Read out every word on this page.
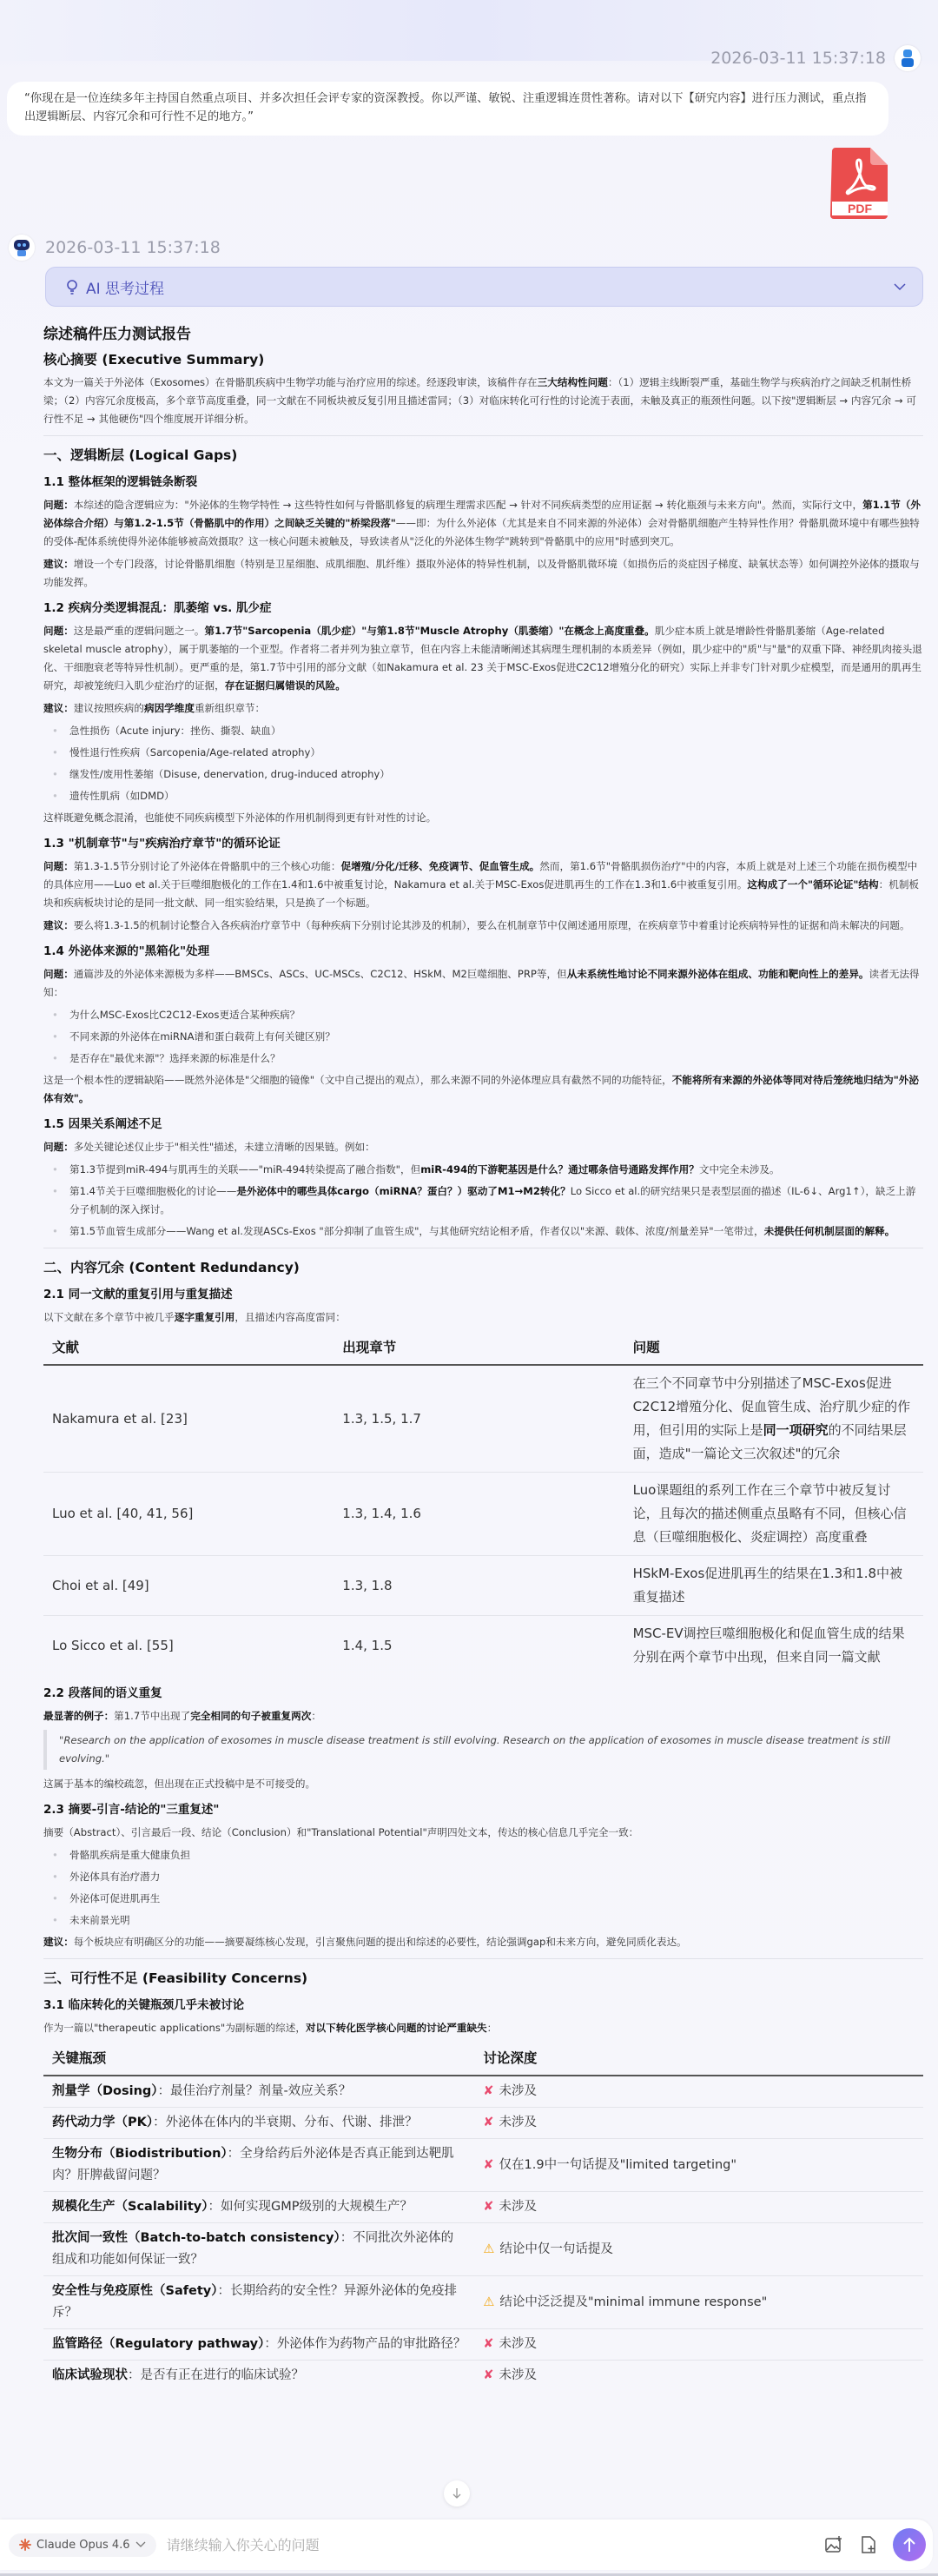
2026-03-11 15:37:18
“你现在是一位连续多年主持国自然重点项目、并多次担任会评专家的资深教授。你以严谨、敏锐、注重逻辑连贯性著称。请对以下【研究内容】进行压力测试，重点指出逻辑断层、内容冗余和可行性不足的地方。”
PDF
2026-03-11 15:37:18
AI 思考过程
综述稿件压力测试报告
核心摘要 (Executive Summary)

本文为一篇关于外泌体（Exosomes）在骨骼肌疾病中生物学功能与治疗应用的综述。经逐段审读，该稿件存在三大结构性问题：（1）逻辑主线断裂严重，基础生物学与疾病治疗之间缺乏机制性桥梁；（2）内容冗余度极高，多个章节高度重叠，同一文献在不同板块被反复引用且描述雷同；（3）对临床转化可行性的讨论流于表面，未触及真正的瓶颈性问题。以下按"逻辑断层 → 内容冗余 → 可行性不足 → 其他硬伤"四个维度展开详细分析。

一、逻辑断层 (Logical Gaps)
1.1 整体框架的逻辑链条断裂

问题：本综述的隐含逻辑应为："外泌体的生物学特性 → 这些特性如何与骨骼肌修复的病理生理需求匹配 → 针对不同疾病类型的应用证据 → 转化瓶颈与未来方向"。然而，实际行文中，第1.1节（外泌体综合介绍）与第1.2-1.5节（骨骼肌中的作用）之间缺乏关键的"桥梁段落"——即：为什么外泌体（尤其是来自不同来源的外泌体）会对骨骼肌细胞产生特异性作用？骨骼肌微环境中有哪些独特的受体-配体系统使得外泌体能够被高效摄取？这一核心问题未被触及，导致读者从"泛化的外泌体生物学"跳转到"骨骼肌中的应用"时感到突兀。

建议：增设一个专门段落，讨论骨骼肌细胞（特别是卫星细胞、成肌细胞、肌纤维）摄取外泌体的特异性机制，以及骨骼肌微环境（如损伤后的炎症因子梯度、缺氧状态等）如何调控外泌体的摄取与功能发挥。

1.2 疾病分类逻辑混乱：肌萎缩 vs. 肌少症

问题：这是最严重的逻辑问题之一。第1.7节"Sarcopenia（肌少症）"与第1.8节"Muscle Atrophy（肌萎缩）"在概念上高度重叠。肌少症本质上就是增龄性骨骼肌萎缩（Age-related skeletal muscle atrophy），属于肌萎缩的一个亚型。作者将二者并列为独立章节，但在内容上未能清晰阐述其病理生理机制的本质差异（例如，肌少症中的"质"与"量"的双重下降、神经肌肉接头退化、干细胞衰老等特异性机制）。更严重的是，第1.7节中引用的部分文献（如Nakamura et al. 23 关于MSC-Exos促进C2C12增殖分化的研究）实际上并非专门针对肌少症模型，而是通用的肌再生研究，却被笼统归入肌少症治疗的证据，存在证据归属错误的风险。

建议：建议按照疾病的病因学维度重新组织章节：

• 急性损伤（Acute injury：挫伤、撕裂、缺血）
• 慢性退行性疾病（Sarcopenia/Age-related atrophy）
• 继发性/废用性萎缩（Disuse, denervation, drug-induced atrophy）
• 遗传性肌病（如DMD）

这样既避免概念混淆，也能使不同疾病模型下外泌体的作用机制得到更有针对性的讨论。

1.3 "机制章节"与"疾病治疗章节"的循环论证

问题：第1.3-1.5节分别讨论了外泌体在骨骼肌中的三个核心功能：促增殖/分化/迁移、免疫调节、促血管生成。然而，第1.6节"骨骼肌损伤治疗"中的内容，本质上就是对上述三个功能在损伤模型中的具体应用——Luo et al.关于巨噬细胞极化的工作在1.4和1.6中被重复讨论，Nakamura et al.关于MSC-Exos促进肌再生的工作在1.3和1.6中被重复引用。这构成了一个"循环论证"结构：机制板块和疾病板块讨论的是同一批文献、同一组实验结果，只是换了一个标题。

建议：要么将1.3-1.5的机制讨论整合入各疾病治疗章节中（每种疾病下分别讨论其涉及的机制），要么在机制章节中仅阐述通用原理，在疾病章节中着重讨论疾病特异性的证据和尚未解决的问题。

1.4 外泌体来源的"黑箱化"处理

问题：通篇涉及的外泌体来源极为多样——BMSCs、ASCs、UC-MSCs、C2C12、HSkM、M2巨噬细胞、PRP等，但从未系统性地讨论不同来源外泌体在组成、功能和靶向性上的差异。读者无法得知：

• 为什么MSC-Exos比C2C12-Exos更适合某种疾病？
• 不同来源的外泌体在miRNA谱和蛋白载荷上有何关键区别？
• 是否存在"最优来源"？选择来源的标准是什么？

这是一个根本性的逻辑缺陷——既然外泌体是"父细胞的镜像"（文中自己提出的观点），那么来源不同的外泌体理应具有截然不同的功能特征，不能将所有来源的外泌体等同对待后笼统地归结为"外泌体有效"。

1.5 因果关系阐述不足

问题：多处关键论述仅止步于"相关性"描述，未建立清晰的因果链。例如：

• 第1.3节提到miR-494与肌再生的关联——"miR-494转染提高了融合指数"，但miR-494的下游靶基因是什么？通过哪条信号通路发挥作用？文中完全未涉及。
• 第1.4节关于巨噬细胞极化的讨论——是外泌体中的哪些具体cargo（miRNA？蛋白？）驱动了M1→M2转化？Lo Sicco et al.的研究结果只是表型层面的描述（IL-6↓、Arg1↑），缺乏上游分子机制的深入探讨。
• 第1.5节血管生成部分——Wang et al.发现ASCs-Exos "部分抑制了血管生成"，与其他研究结论相矛盾，作者仅以"来源、载体、浓度/剂量差异"一笔带过，未提供任何机制层面的解释。
二、内容冗余 (Content Redundancy)
2.1 同一文献的重复引用与重复描述

以下文献在多个章节中被几乎逐字重复引用，且描述内容高度雷同：

文献	出现章节	问题
Nakamura et al. [23]	1.3, 1.5, 1.7	在三个不同章节中分别描述了MSC-Exos促进C2C12增殖分化、促血管生成、治疗肌少症的作用，但引用的实际上是同一项研究的不同结果层面，造成"一篇论文三次叙述"的冗余
Luo et al. [40, 41, 56]	1.3, 1.4, 1.6	Luo课题组的系列工作在三个章节中被反复讨论，且每次的描述侧重点虽略有不同，但核心信息（巨噬细胞极化、炎症调控）高度重叠
Choi et al. [49]	1.3, 1.8	HSkM-Exos促进肌再生的结果在1.3和1.8中被重复描述
Lo Sicco et al. [55]	1.4, 1.5	MSC-EV调控巨噬细胞极化和促血管生成的结果分别在两个章节中出现，但来自同一篇文献
2.2 段落间的语义重复

最显著的例子：第1.7节中出现了完全相同的句子被重复两次：

"Research on the application of exosomes in muscle disease treatment is still evolving. Research on the application of exosomes in muscle disease treatment is still evolving."

这属于基本的编校疏忽，但出现在正式投稿中是不可接受的。

2.3 摘要-引言-结论的"三重复述"

摘要（Abstract）、引言最后一段、结论（Conclusion）和"Translational Potential"声明四处文本，传达的核心信息几乎完全一致：

• 骨骼肌疾病是重大健康负担
• 外泌体具有治疗潜力
• 外泌体可促进肌再生
• 未来前景光明

建议：每个板块应有明确区分的功能——摘要凝练核心发现，引言聚焦问题的提出和综述的必要性，结论强调gap和未来方向，避免同质化表达。

三、可行性不足 (Feasibility Concerns)
3.1 临床转化的关键瓶颈几乎未被讨论

作为一篇以"therapeutic applications"为副标题的综述，对以下转化医学核心问题的讨论严重缺失：

关键瓶颈	讨论深度
剂量学（Dosing）：最佳治疗剂量？剂量-效应关系？	✘ 未涉及
药代动力学（PK）：外泌体在体内的半衰期、分布、代谢、排泄？	✘ 未涉及
生物分布（Biodistribution）：全身给药后外泌体是否真正能到达靶肌肉？肝脾截留问题？	✘ 仅在1.9中一句话提及"limited targeting"
规模化生产（Scalability）：如何实现GMP级别的大规模生产？	✘ 未涉及
批次间一致性（Batch-to-batch consistency）：不同批次外泌体的组成和功能如何保证一致？	⚠ 结论中仅一句话提及
安全性与免疫原性（Safety）：长期给药的安全性？异源外泌体的免疫排斥？	⚠ 结论中泛泛提及"minimal immune response"
监管路径（Regulatory pathway）：外泌体作为药物产品的审批路径？	✘ 未涉及
临床试验现状：是否有正在进行的临床试验？	✘ 未涉及
Claude Opus 4.6
请继续输入你关心的问题
